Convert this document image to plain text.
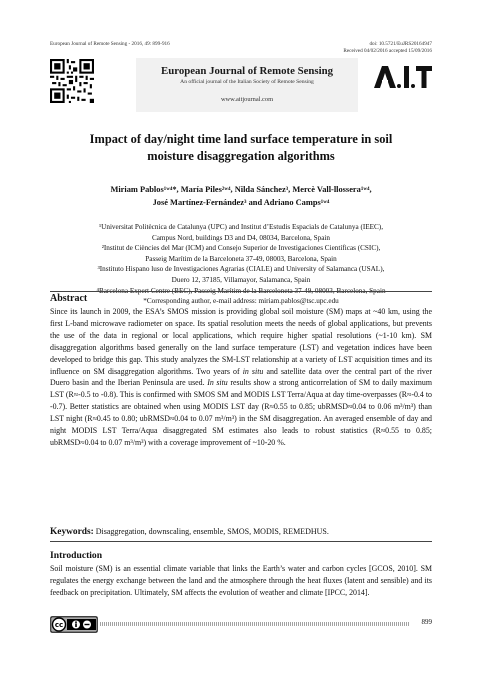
European Journal of Remote Sensing - 2016, 49: 899-916	doi: 10.5721/EuJRS20164947
Received 04/02/2016 accepted 15/09/2016
European Journal of Remote Sensing
An official journal of the Italian Society of Remote Sensing
www.aitjournal.com
Impact of day/night time land surface temperature in soil
moisture disaggregation algorithms
Miriam Pablos¹ʷ⁴*, María Piles²ʷ⁴, Nilda Sánchez³, Mercè Vall-llossera¹ʷ⁴,
José Martínez-Fernández³ and Adriano Camps¹ʷ⁴
¹Universitat Politècnica de Catalunya (UPC) and Institut d’Estudis Espacials de Catalunya (IEEC),
Campus Nord, buildings D3 and D4, 08034, Barcelona, Spain
²Institut de Ciències del Mar (ICM) and Consejo Superior de Investigaciones Científicas (CSIC),
Passeig Marítim de la Barceloneta 37-49, 08003, Barcelona, Spain
³Instituto Hispano luso de Investigaciones Agrarias (CIALE) and University of Salamanca (USAL),
Duero 12, 37185, Villamayor, Salamanca, Spain
⁴Barcelona Expert Centre (BEC), Passeig Marítim de la Barceloneta 37-49, 08003, Barcelona, Spain
*Corresponding author, e-mail address: miriam.pablos@tsc.upc.edu
Abstract
Since its launch in 2009, the ESA’s SMOS mission is providing global soil moisture (SM) maps at ~40 km, using the first L-band microwave radiometer on space. Its spatial resolution meets the needs of global applications, but prevents the use of the data in regional or local applications, which require higher spatial resolutions (~1-10 km). SM disaggregation algorithms based generally on the land surface temperature (LST) and vegetation indices have been developed to bridge this gap. This study analyzes the SM-LST relationship at a variety of LST acquisition times and its influence on SM disaggregation algorithms. Two years of in situ and satellite data over the central part of the river Duero basin and the Iberian Peninsula are used. In situ results show a strong anticorrelation of SM to daily maximum LST (R≈-0.5 to -0.8). This is confirmed with SMOS SM and MODIS LST Terra/Aqua at day time-overpasses (R≈-0.4 to -0.7). Better statistics are obtained when using MODIS LST day (R≈0.55 to 0.85; ubRMSD≈0.04 to 0.06 m³/m³) than LST night (R≈0.45 to 0.80; ubRMSD≈0.04 to 0.07 m³/m³) in the SM disaggregation. An averaged ensemble of day and night MODIS LST Terra/Aqua disaggregated SM estimates also leads to robust statistics (R≈0.55 to 0.85; ubRMSD≈0.04 to 0.07 m³/m³) with a coverage improvement of ~10-20 %.
Keywords: Disaggregation, downscaling, ensemble, SMOS, MODIS, REMEDHUS.
Introduction
Soil moisture (SM) is an essential climate variable that links the Earth’s water and carbon cycles [GCOS, 2010]. SM regulates the energy exchange between the land and the atmosphere through the heat fluxes (latent and sensible) and its feedback on precipitation. Ultimately, SM affects the evolution of weather and climate [IPCC, 2014].
cc	899
